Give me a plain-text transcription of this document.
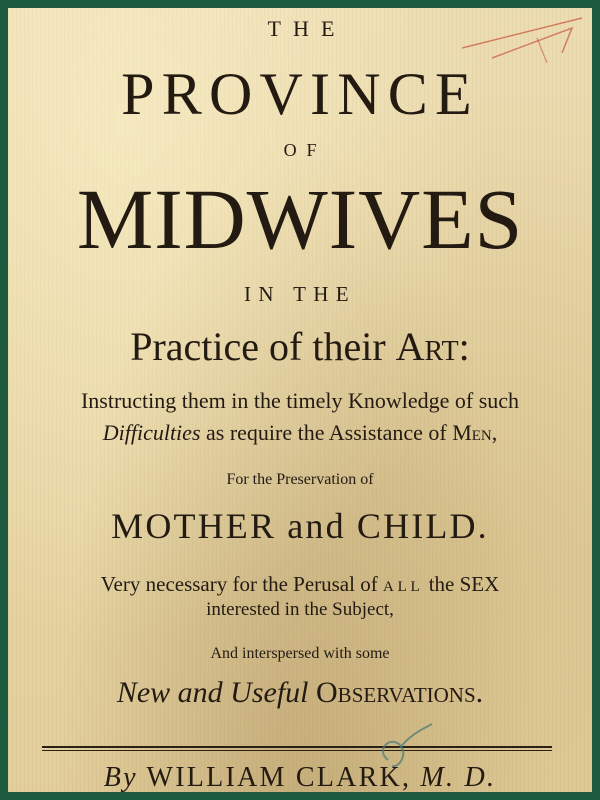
THE
PROVINCE
OF
MIDWIVES
IN THE
Practice of their Art:
Instructing them in the timely Knowledge of such
Difficulties as require the Assistance of Men,
For the Preservation of
MOTHER and CHILD.
Very necessary for the Perusal of all the SEX
interested in the Subject,
And interspersed with some
New and Useful Observations.
By WILLIAM CLARK, M. D.
